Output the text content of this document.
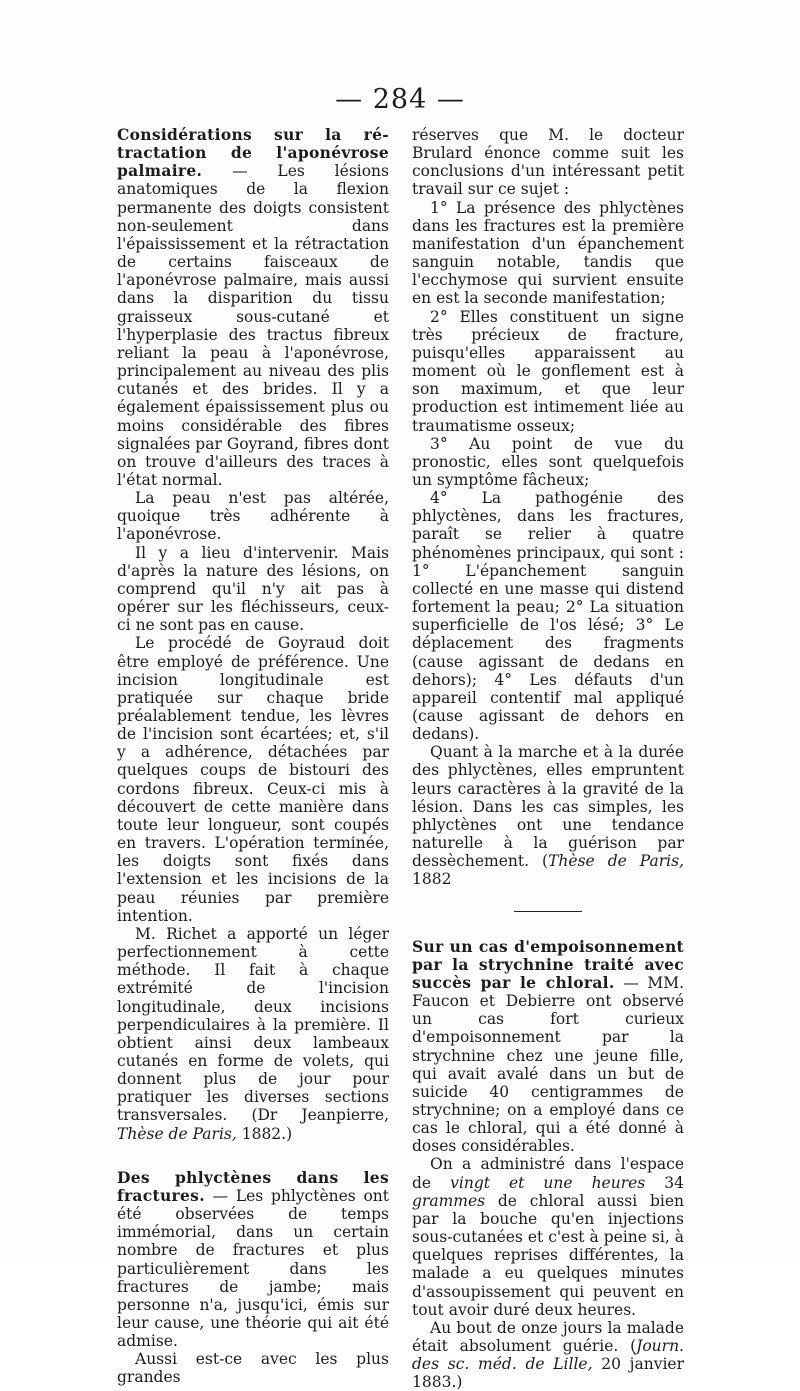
— 284 —

Considérations sur la ré-tractation de l'aponévrose palmaire. — Les lésions anatomiques de la flexion permanente des doigts consistent non-seulement dans l'épaississement et la rétractation de certains faisceaux de l'aponévrose palmaire, mais aussi dans la disparition du tissu graisseux sous-cutané et l'hyperplasie des tractus fibreux reliant la peau à l'aponévrose, principalement au niveau des plis cutanés et des brides. Il y a également épaississement plus ou moins considérable des fibres signalées par Goyrand, fibres dont on trouve d'ailleurs des traces à l'état normal.

La peau n'est pas altérée, quoique très adhérente à l'aponévrose.

Il y a lieu d'intervenir. Mais d'après la nature des lésions, on comprend qu'il n'y ait pas à opérer sur les fléchisseurs, ceux-ci ne sont pas en cause.

Le procédé de Goyraud doit être employé de préférence. Une incision longitudinale est pratiquée sur chaque bride préalablement tendue, les lèvres de l'incision sont écartées; et, s'il y a adhérence, détachées par quelques coups de bistouri des cordons fibreux. Ceux-ci mis à découvert de cette manière dans toute leur longueur, sont coupés en travers. L'opération terminée, les doigts sont fixés dans l'extension et les incisions de la peau réunies par première intention.

M. Richet a apporté un léger perfectionnement à cette méthode. Il fait à chaque extrémité de l'incision longitudinale, deux incisions perpendiculaires à la première. Il obtient ainsi deux lambeaux cutanés en forme de volets, qui donnent plus de jour pour pratiquer les diverses sections transversales. (Dr Jeanpierre, Thèse de Paris, 1882.)

Des phlyctènes dans les fractures. — Les phlyctènes ont été observées de temps immémorial, dans un certain nombre de fractures et plus particulièrement dans les fractures de jambe; mais personne n'a, jusqu'ici, émis sur leur cause, une théorie qui ait été admise.

Aussi est-ce avec les plus grandes

réserves que M. le docteur Brulard énonce comme suit les conclusions d'un intéressant petit travail sur ce sujet :

1° La présence des phlyctènes dans les fractures est la première manifestation d'un épanchement sanguin notable, tandis que l'ecchymose qui survient ensuite en est la seconde manifestation;

2° Elles constituent un signe très précieux de fracture, puisqu'elles apparaissent au moment où le gonflement est à son maximum, et que leur production est intimement liée au traumatisme osseux;

3° Au point de vue du pronostic, elles sont quelquefois un symptôme fâcheux;

4° La pathogénie des phlyctènes, dans les fractures, paraît se relier à quatre phénomènes principaux, qui sont : 1° L'épanchement sanguin collecté en une masse qui distend fortement la peau; 2° La situation superficielle de l'os lésé; 3° Le déplacement des fragments (cause agissant de dedans en dehors); 4° Les défauts d'un appareil contentif mal appliqué (cause agissant de dehors en dedans).

Quant à la marche et à la durée des phlyctènes, elles empruntent leurs caractères à la gravité de la lésion. Dans les cas simples, les phlyctènes ont une tendance naturelle à la guérison par dessèchement. (Thèse de Paris, 1882

Sur un cas d'empoisonnement par la strychnine traité avec succès par le chloral. — MM. Faucon et Debierre ont observé un cas fort curieux d'empoisonnement par la strychnine chez une jeune fille, qui avait avalé dans un but de suicide 40 centigrammes de strychnine; on a employé dans ce cas le chloral, qui a été donné à doses considérables.

On a administré dans l'espace de vingt et une heures 34 grammes de chloral aussi bien par la bouche qu'en injections sous-cutanées et c'est à peine si, à quelques reprises différentes, la malade a eu quelques minutes d'assoupissement qui peuvent en tout avoir duré deux heures.

Au bout de onze jours la malade était absolument guérie. (Journ. des sc. méd. de Lille, 20 janvier 1883.)
